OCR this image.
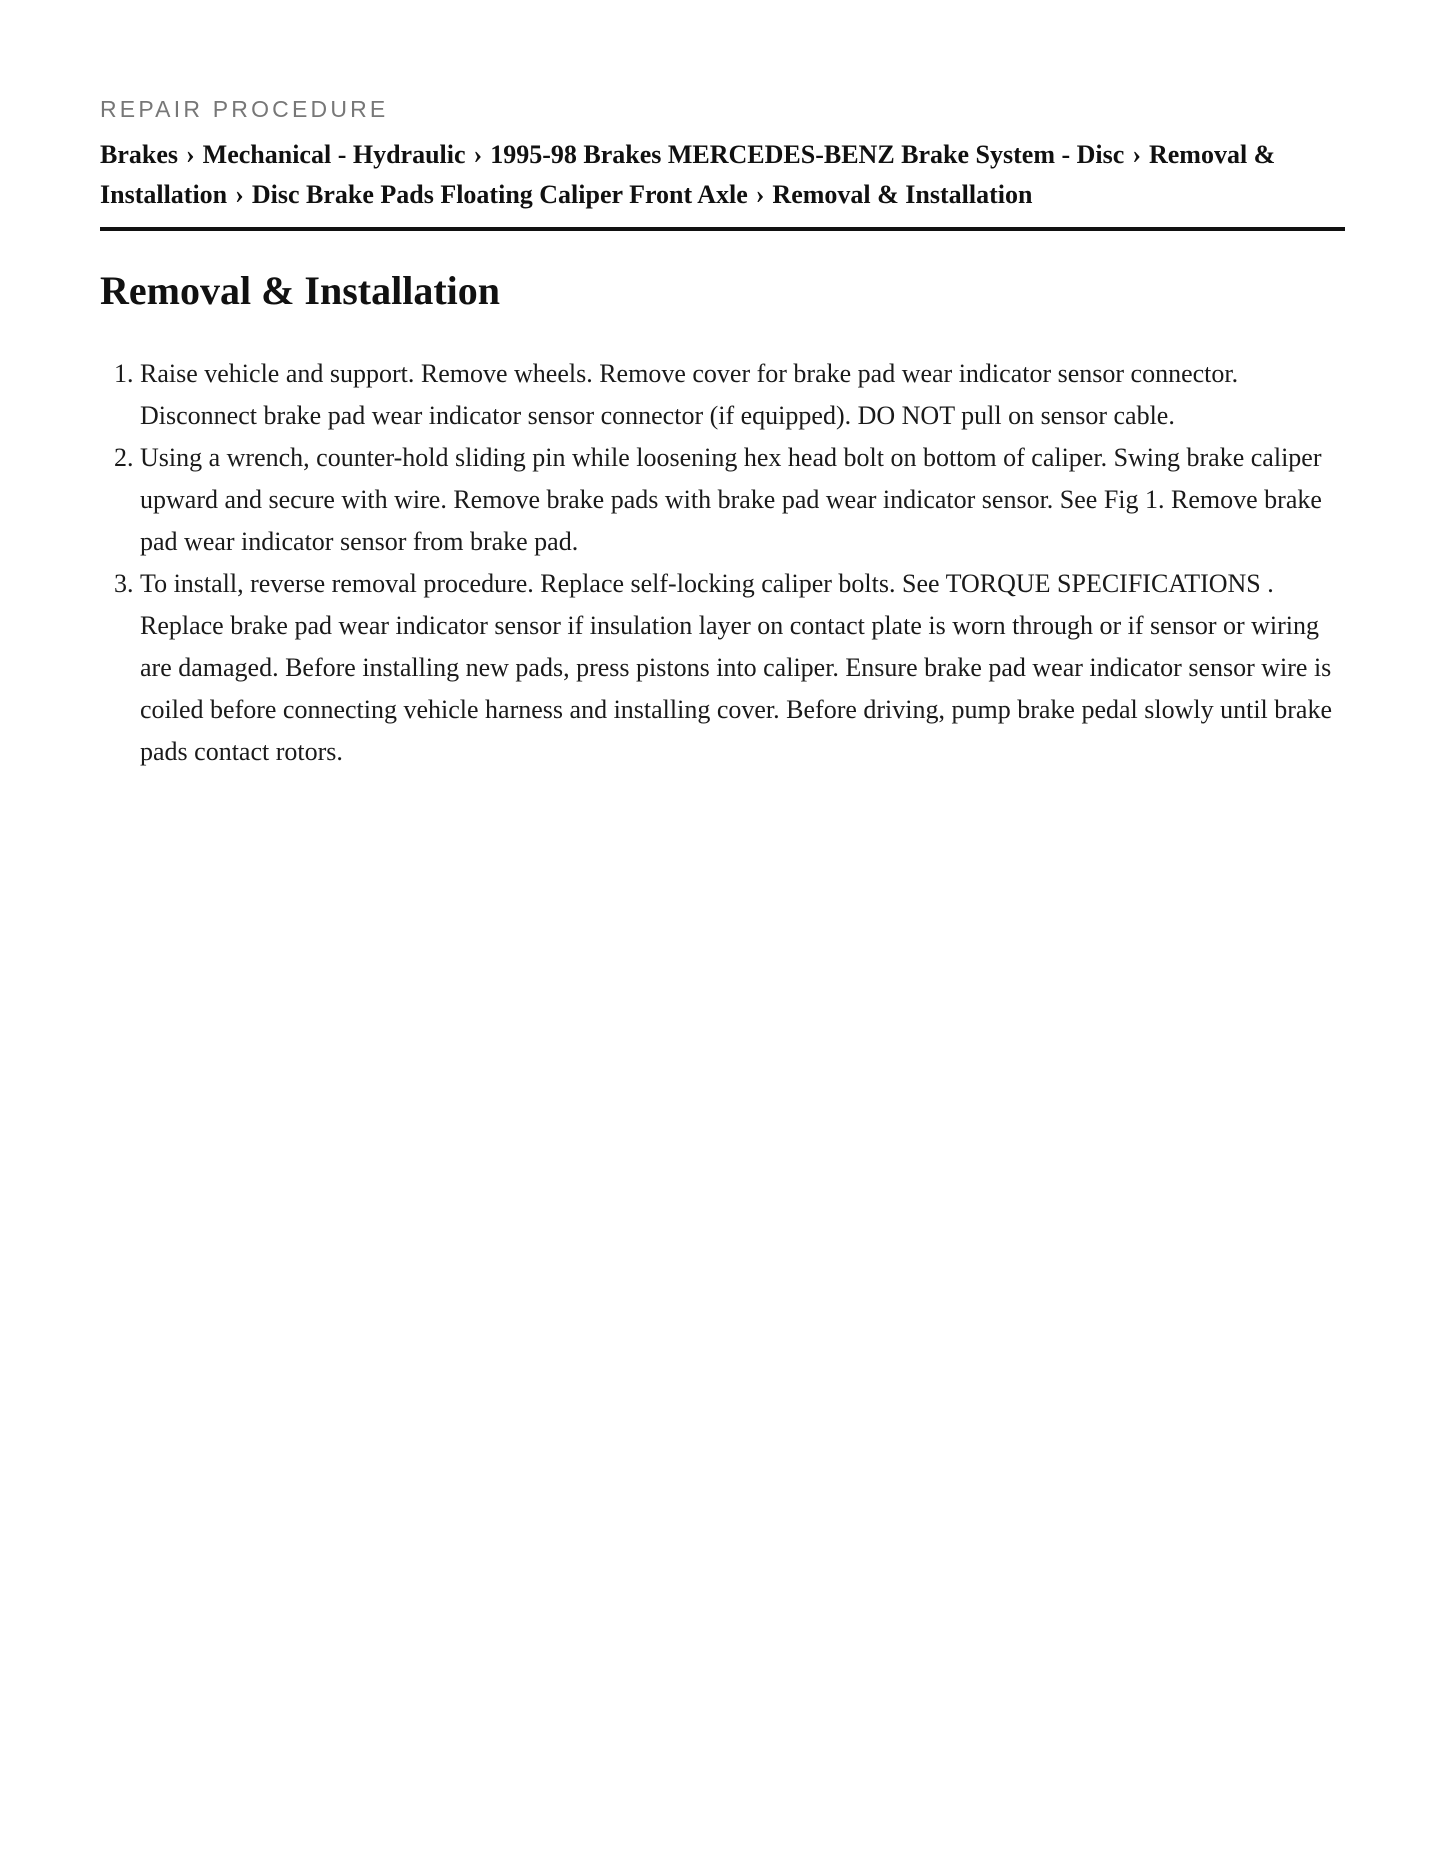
REPAIR PROCEDURE

Brakes › Mechanical - Hydraulic › 1995-98 Brakes MERCEDES-BENZ Brake System - Disc › Removal & Installation › Disc Brake Pads Floating Caliper Front Axle › Removal & Installation
Removal & Installation
1. Raise vehicle and support. Remove wheels. Remove cover for brake pad wear indicator sensor connector. Disconnect brake pad wear indicator sensor connector (if equipped). DO NOT pull on sensor cable.
2. Using a wrench, counter-hold sliding pin while loosening hex head bolt on bottom of caliper. Swing brake caliper upward and secure with wire. Remove brake pads with brake pad wear indicator sensor. See Fig 1. Remove brake pad wear indicator sensor from brake pad.
3. To install, reverse removal procedure. Replace self-locking caliper bolts. See TORQUE SPECIFICATIONS . Replace brake pad wear indicator sensor if insulation layer on contact plate is worn through or if sensor or wiring are damaged. Before installing new pads, press pistons into caliper. Ensure brake pad wear indicator sensor wire is coiled before connecting vehicle harness and installing cover. Before driving, pump brake pedal slowly until brake pads contact rotors.
